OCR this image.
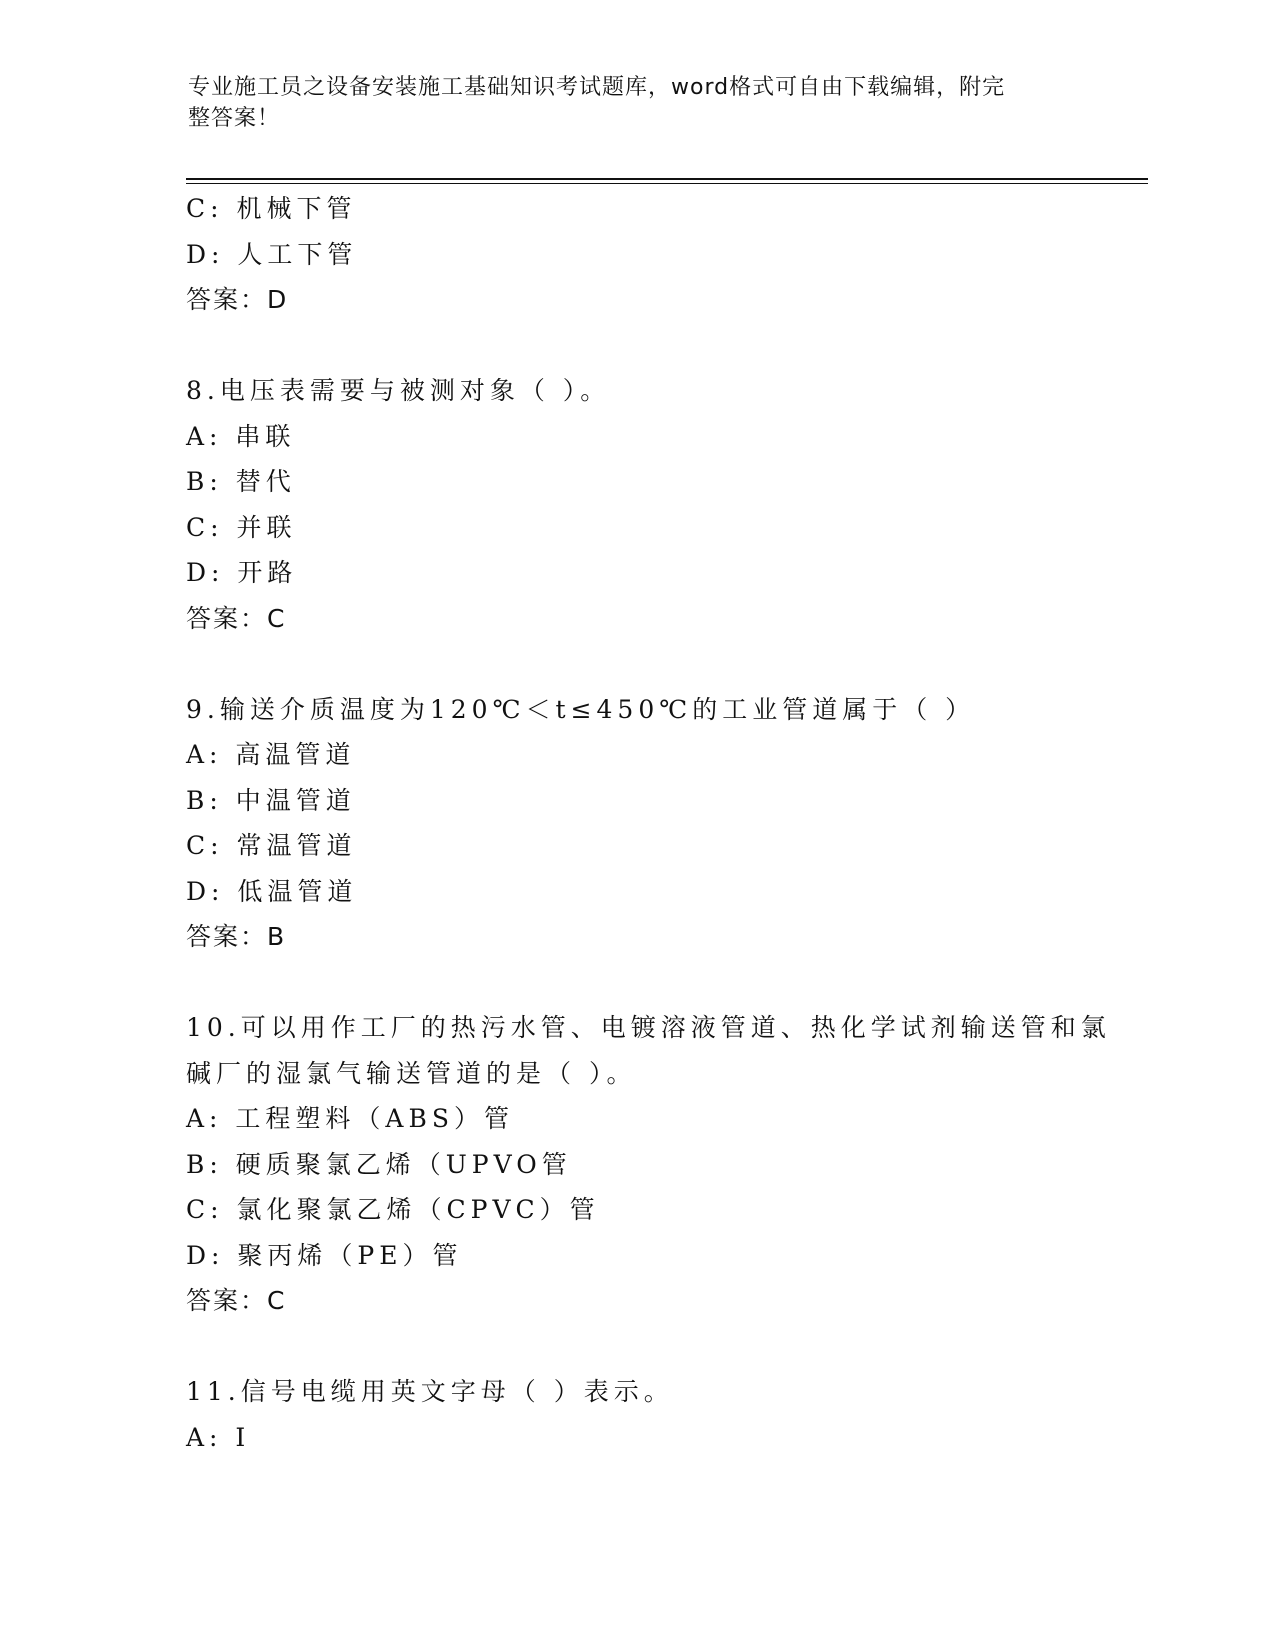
专业施工员之设备安装施工基础知识考试题库，word格式可自由下载编辑，附完
整答案！
C: 机械下管
D: 人工下管
答案：D
8.电压表需要与被测对象（ ）。
A: 串联
B: 替代
C: 并联
D: 开路
答案：C
9.输送介质温度为120℃＜t≤450℃的工业管道属于（ ）
A: 高温管道
B: 中温管道
C: 常温管道
D: 低温管道
答案：B
10.可以用作工厂的热污水管、电镀溶液管道、热化学试剂输送管和氯
碱厂的湿氯气输送管道的是（ ）。
A: 工程塑料（ABS）管
B: 硬质聚氯乙烯（UPVO管
C: 氯化聚氯乙烯（CPVC）管
D: 聚丙烯（PE）管
答案：C
11.信号电缆用英文字母（ ）表示。
A: I
